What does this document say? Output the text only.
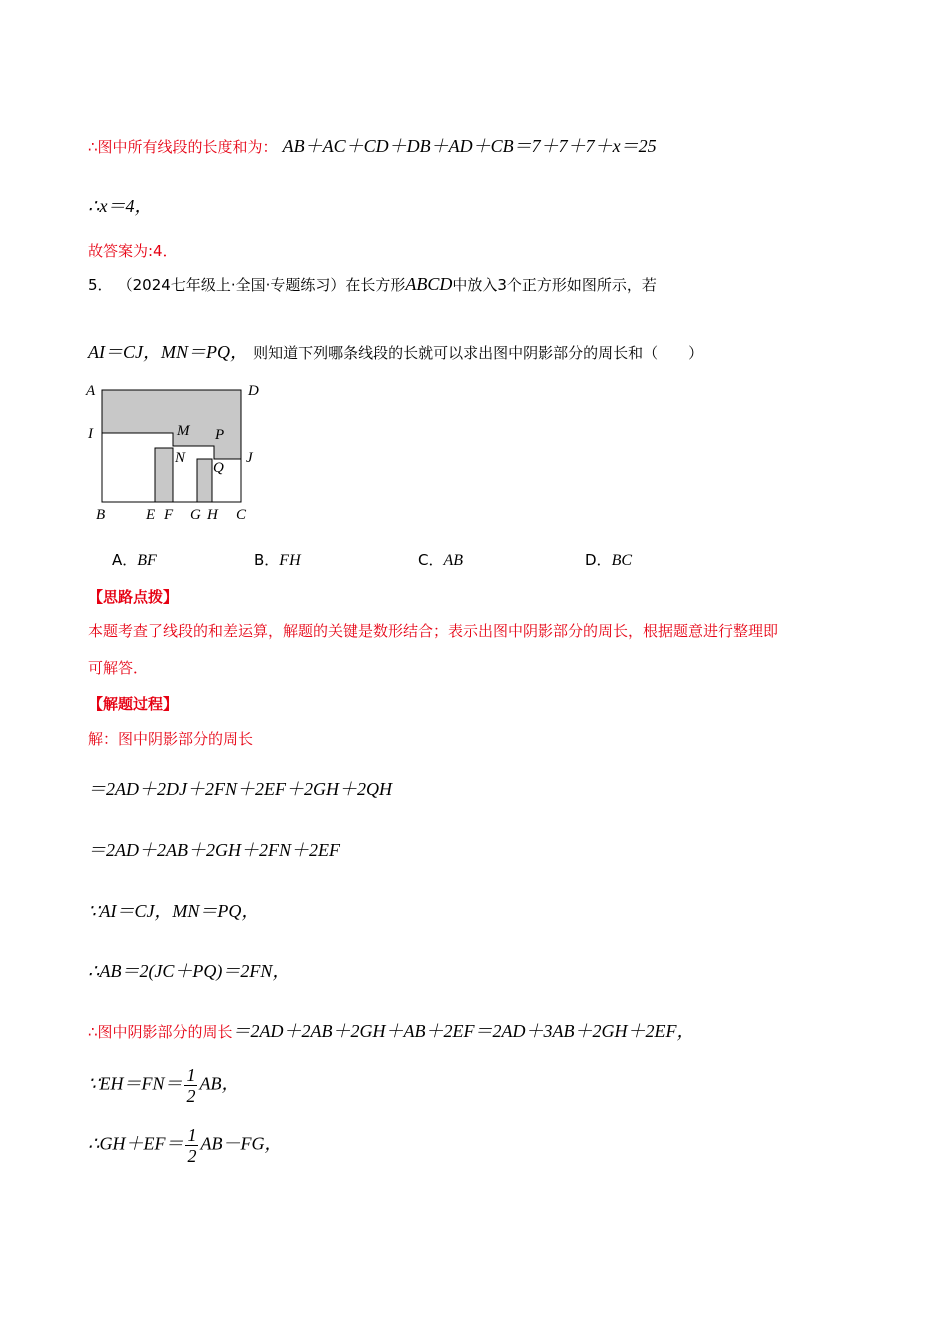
∴图中所有线段的长度和为： AB＋AC＋CD＋DB＋AD＋CB＝7＋7＋7＋x＝25
∴x＝4，
故答案为:4．
5． （2024七年级上·全国·专题练习）在长方形ABCD中放入3个正方形如图所示，若
AI＝CJ，MN＝PQ， 则知道下列哪条线段的长就可以求出图中阴影部分的周长和（　　）
A	D
I	M P
N	J
Q
B	E F G H C
A．BF	B．FH	C．AB	D．BC
【思路点拨】
本题考查了线段的和差运算，解题的关键是数形结合；表示出图中阴影部分的周长，根据题意进行整理即
可解答．
【解题过程】
解：图中阴影部分的周长
＝2AD＋2DJ＋2FN＋2EF＋2GH＋2QH
＝2AD＋2AB＋2GH＋2FN＋2EF
∵AI＝CJ，MN＝PQ，
∴AB＝2(JC＋PQ)＝2FN，
∴图中阴影部分的周长＝2AD＋2AB＋2GH＋AB＋2EF＝2AD＋3AB＋2GH＋2EF，
∵EH＝FN＝ $\frac{1}{2}$ AB，
∴GH＋EF＝ $\frac{1}{2} AB-FG$，
